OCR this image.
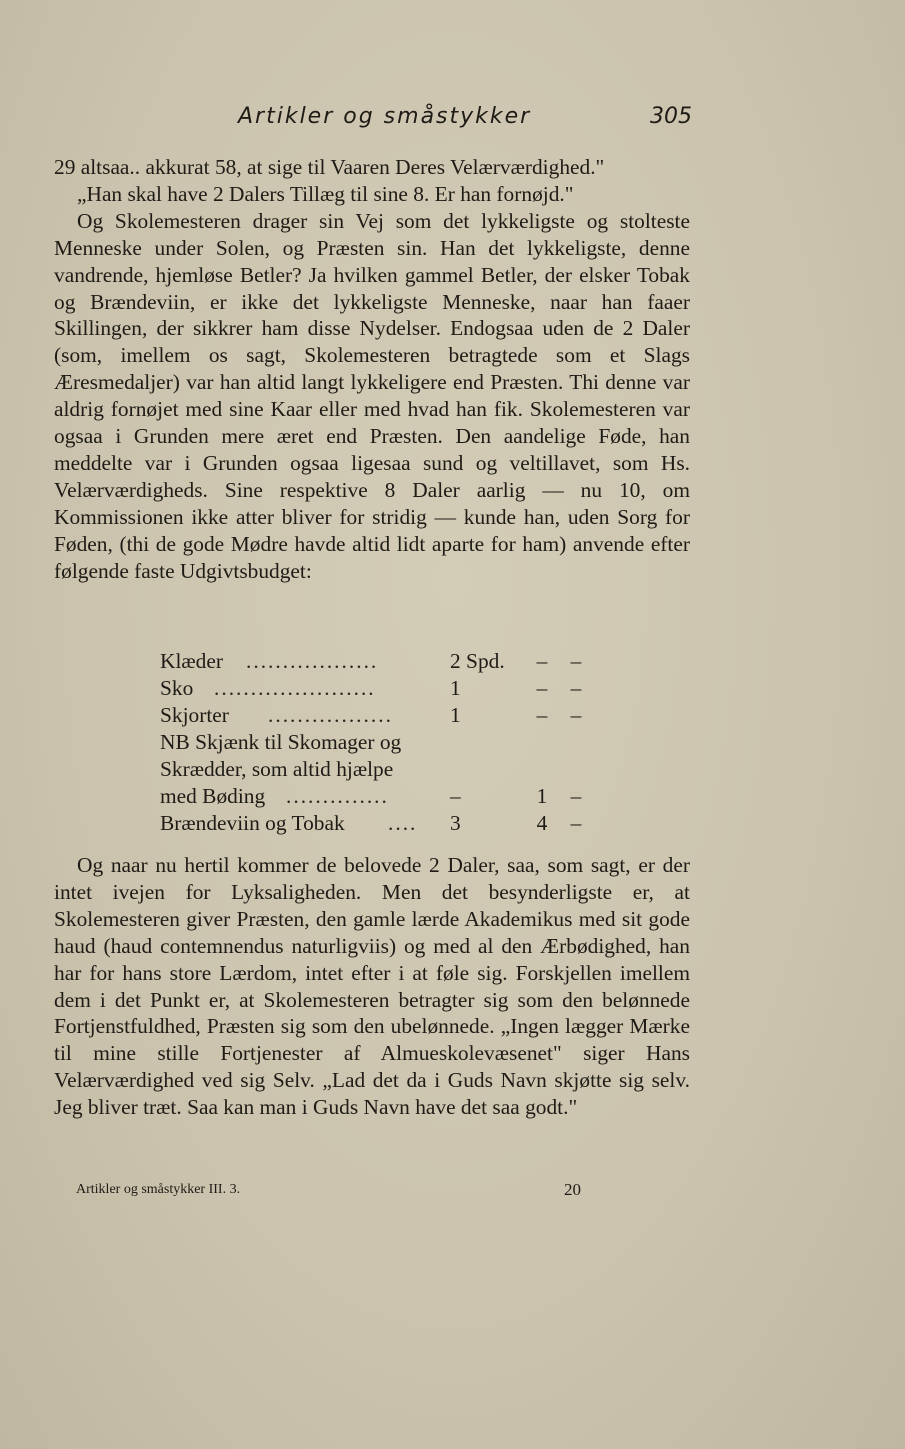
Artikler og småstykker	305

29 altsaa.. akkurat 58, at sige til Vaaren Deres Velærværdighed."

„Han skal have 2 Dalers Tillæg til sine 8. Er han fornøjd."

Og Skolemesteren drager sin Vej som det lykkeligste og stolteste Menneske under Solen, og Præsten sin. Han det lykkeligste, denne vandrende, hjemløse Betler? Ja hvilken gammel Betler, der elsker Tobak og Brændeviin, er ikke det lykkeligste Menneske, naar han faaer Skillingen, der sikkrer ham disse Nydelser. Endogsaa uden de 2 Daler (som, imellem os sagt, Skolemesteren betragtede som et Slags Æresmedaljer) var han altid langt lykkeligere end Præsten. Thi denne var aldrig fornøjet med sine Kaar eller med hvad han fik. Skolemesteren var ogsaa i Grunden mere æret end Præsten. Den aandelige Føde, han meddelte var i Grunden ogsaa ligesaa sund og veltillavet, som Hs. Velærværdigheds. Sine respektive 8 Daler aarlig — nu 10, om Kommissionen ikke atter bliver for stridig — kunde han, uden Sorg for Føden, (thi de gode Mødre havde altid lidt aparte for ham) anvende efter følgende faste Udgivtsbudget:

Klæder ..................	2 Spd. – –
Sko ......................	1	– –
Skjorter .................	1	– –
NB Skjænk til Skomager og
Skrædder, som altid hjælpe
med Bøding ..............	–	1 –
Brændeviin og Tobak ....	3	4 –

Og naar nu hertil kommer de belovede 2 Daler, saa, som sagt, er der intet ivejen for Lyksaligheden. Men det besynderligste er, at Skolemesteren giver Præsten, den gamle lærde Akademikus med sit gode haud (haud contemnendus naturligviis) og med al den Ærbødighed, han har for hans store Lærdom, intet efter i at føle sig. Forskjellen imellem dem i det Punkt er, at Skolemesteren betragter sig som den belønnede Fortjenstfuldhed, Præsten sig som den ubelønnede. „Ingen lægger Mærke til mine stille Fortjenester af Almueskolevæsenet" siger Hans Velærværdighed ved sig Selv. „Lad det da i Guds Navn skjøtte sig selv. Jeg bliver træt. Saa kan man i Guds Navn have det saa godt."

Artikler og småstykker III. 3.	20
